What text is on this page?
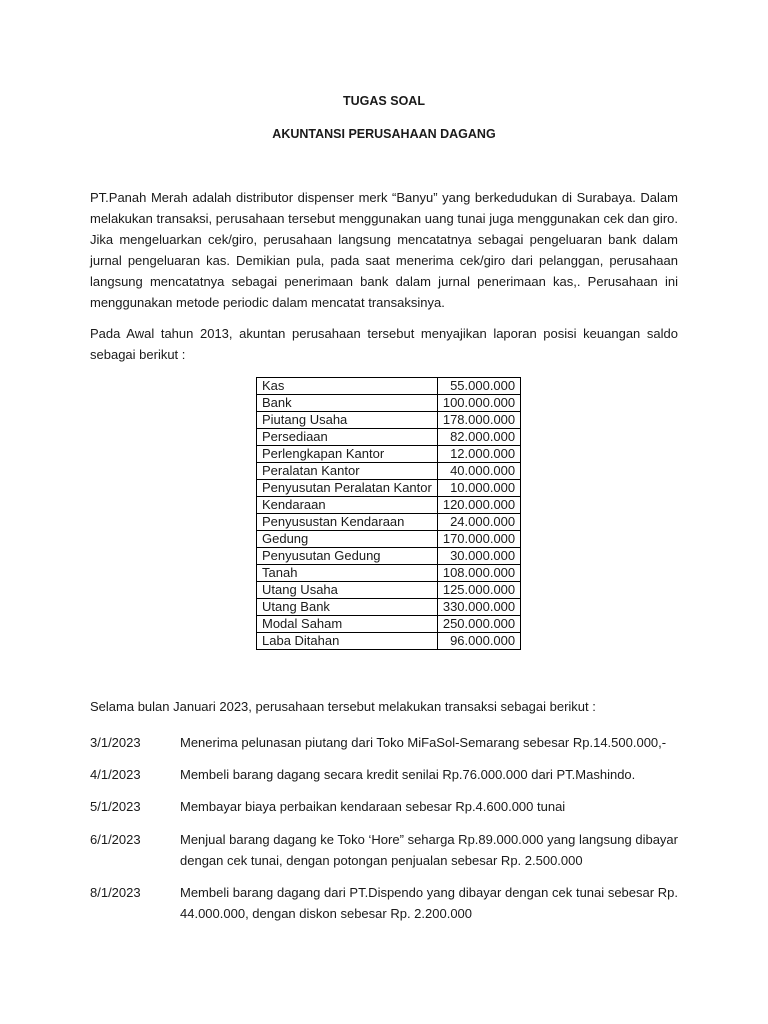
TUGAS SOAL
AKUNTANSI PERUSAHAAN DAGANG

PT.Panah Merah adalah distributor dispenser merk “Banyu” yang berkedudukan di Surabaya. Dalam melakukan transaksi, perusahaan tersebut menggunakan uang tunai juga menggunakan cek dan giro. Jika mengeluarkan cek/giro, perusahaan langsung mencatatnya sebagai pengeluaran bank dalam jurnal pengeluaran kas. Demikian pula, pada saat menerima cek/giro dari pelanggan, perusahaan langsung mencatatnya sebagai penerimaan bank dalam jurnal penerimaan kas,. Perusahaan ini menggunakan metode periodic dalam mencatat transaksinya.

Pada Awal tahun 2013, akuntan perusahaan tersebut menyajikan laporan posisi keuangan saldo sebagai berikut :

Kas	55.000.000
Bank	100.000.000
Piutang Usaha	178.000.000
Persediaan	82.000.000
Perlengkapan Kantor	12.000.000
Peralatan Kantor	40.000.000
Penyusutan Peralatan Kantor	10.000.000
Kendaraan	120.000.000
Penyusustan Kendaraan	24.000.000
Gedung	170.000.000
Penyusutan Gedung	30.000.000
Tanah	108.000.000
Utang Usaha	125.000.000
Utang Bank	330.000.000
Modal Saham	250.000.000
Laba Ditahan	96.000.000

Selama bulan Januari 2023, perusahaan tersebut melakukan transaksi sebagai berikut :

3/1/2023	Menerima pelunasan piutang dari Toko MiFaSol-Semarang sebesar Rp.14.500.000,-
4/1/2023	Membeli barang dagang secara kredit senilai Rp.76.000.000 dari PT.Mashindo.
5/1/2023	Membayar biaya perbaikan kendaraan sebesar Rp.4.600.000 tunai
6/1/2023	Menjual barang dagang ke Toko ‘Hore” seharga Rp.89.000.000 yang langsung dibayar dengan cek tunai, dengan potongan penjualan sebesar Rp. 2.500.000
8/1/2023	Membeli barang dagang dari PT.Dispendo yang dibayar dengan cek tunai sebesar Rp. 44.000.000, dengan diskon sebesar Rp. 2.200.000
